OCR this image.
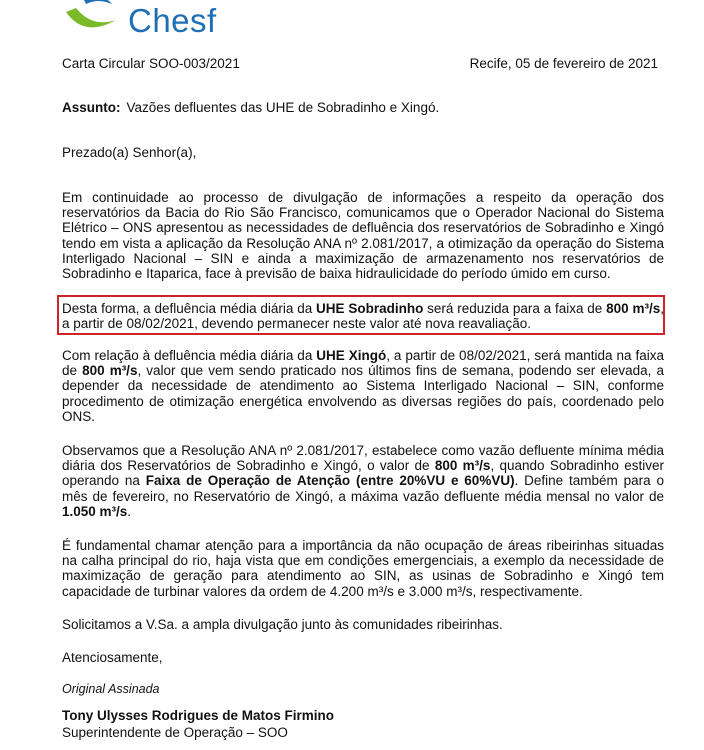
Chesf
Carta Circular SOO-003/2021	Recife, 05 de fevereiro de 2021
Assunto: Vazões defluentes das UHE de Sobradinho e Xingó.
Prezado(a) Senhor(a),

Em continuidade ao processo de divulgação de informações a respeito da operação dos reservatórios da Bacia do Rio São Francisco, comunicamos que o Operador Nacional do Sistema Elétrico – ONS apresentou as necessidades de defluência dos reservatórios de Sobradinho e Xingó tendo em vista a aplicação da Resolução ANA nº 2.081/2017, a otimização da operação do Sistema Interligado Nacional – SIN e ainda a maximização de armazenamento nos reservatórios de Sobradinho e Itaparica, face à previsão de baixa hidraulicidade do período úmido em curso.

Desta forma, a defluência média diária da UHE Sobradinho será reduzida para a faixa de 800 m³/s, a partir de 08/02/2021, devendo permanecer neste valor até nova reavaliação.

Com relação à defluência média diária da UHE Xingó, a partir de 08/02/2021, será mantida na faixa de 800 m³/s, valor que vem sendo praticado nos últimos fins de semana, podendo ser elevada, a depender da necessidade de atendimento ao Sistema Interligado Nacional – SIN, conforme procedimento de otimização energética envolvendo as diversas regiões do país, coordenado pelo ONS.

Observamos que a Resolução ANA nº 2.081/2017, estabelece como vazão defluente mínima média diária dos Reservatórios de Sobradinho e Xingó, o valor de 800 m³/s, quando Sobradinho estiver operando na Faixa de Operação de Atenção (entre 20%VU e 60%VU). Define também para o mês de fevereiro, no Reservatório de Xingó, a máxima vazão defluente média mensal no valor de 1.050 m³/s.

É fundamental chamar atenção para a importância da não ocupação de áreas ribeirinhas situadas na calha principal do rio, haja vista que em condições emergenciais, a exemplo da necessidade de maximização de geração para atendimento ao SIN, as usinas de Sobradinho e Xingó tem capacidade de turbinar valores da ordem de 4.200 m³/s e 3.000 m³/s, respectivamente.

Solicitamos a V.Sa. a ampla divulgação junto às comunidades ribeirinhas.

Atenciosamente,
Original Assinada
Tony Ulysses Rodrigues de Matos Firmino
Superintendente de Operação – SOO
